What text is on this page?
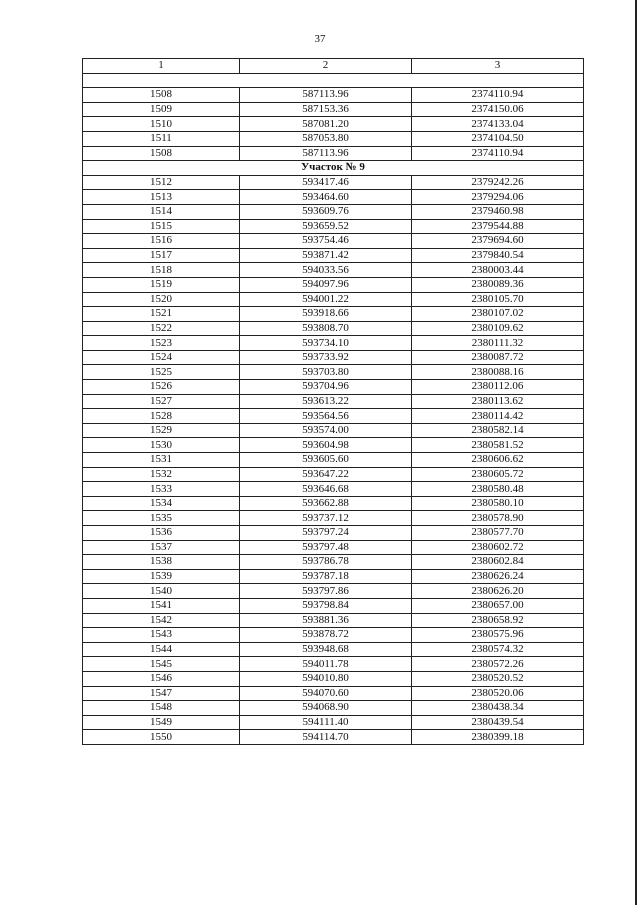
37
1	2	3

1508	587113.96	2374110.94
1509	587153.36	2374150.06
1510	587081.20	2374133.04
1511	587053.80	2374104.50
1508	587113.96	2374110.94
Участок № 9		
1512	593417.46	2379242.26
1513	593464.60	2379294.06
1514	593609.76	2379460.98
1515	593659.52	2379544.88
1516	593754.46	2379694.60
1517	593871.42	2379840.54
1518	594033.56	2380003.44
1519	594097.96	2380089.36
1520	594001.22	2380105.70
1521	593918.66	2380107.02
1522	593808.70	2380109.62
1523	593734.10	2380111.32
1524	593733.92	2380087.72
1525	593703.80	2380088.16
1526	593704.96	2380112.06
1527	593613.22	2380113.62
1528	593564.56	2380114.42
1529	593574.00	2380582.14
1530	593604.98	2380581.52
1531	593605.60	2380606.62
1532	593647.22	2380605.72
1533	593646.68	2380580.48
1534	593662.88	2380580.10
1535	593737.12	2380578.90
1536	593797.24	2380577.70
1537	593797.48	2380602.72
1538	593786.78	2380602.84
1539	593787.18	2380626.24
1540	593797.86	2380626.20
1541	593798.84	2380657.00
1542	593881.36	2380658.92
1543	593878.72	2380575.96
1544	593948.68	2380574.32
1545	594011.78	2380572.26
1546	594010.80	2380520.52
1547	594070.60	2380520.06
1548	594068.90	2380438.34
1549	594111.40	2380439.54
1550	594114.70	2380399.18
